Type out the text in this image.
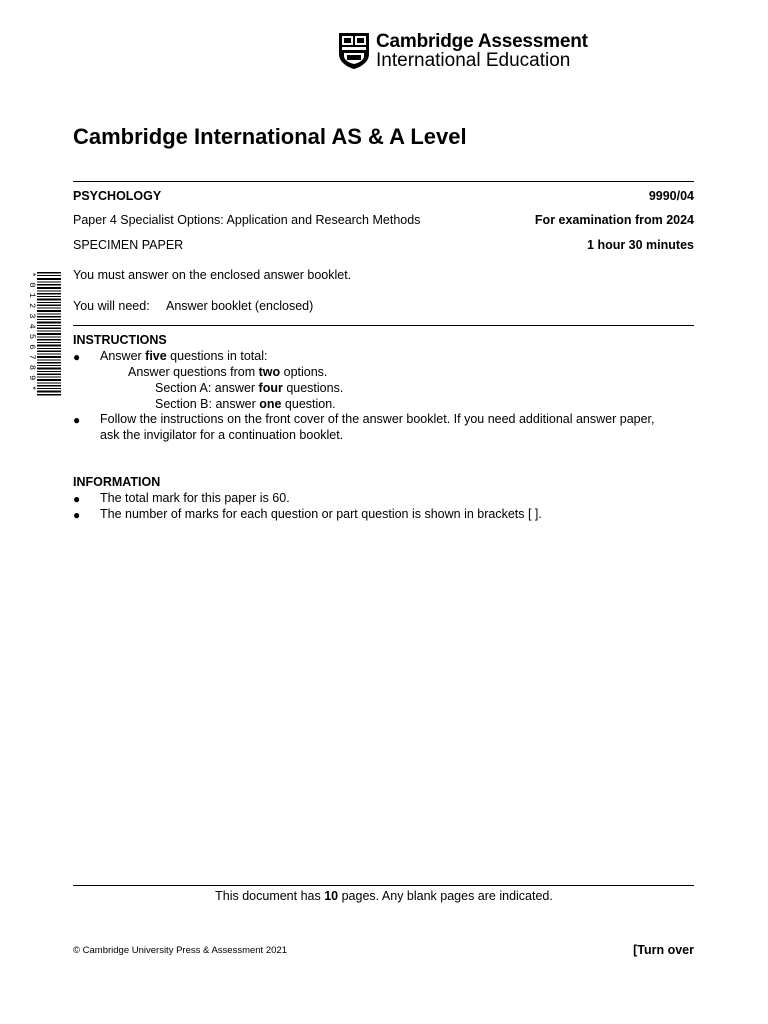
Cambridge Assessment
International Education
Cambridge International AS & A Level
PSYCHOLOGY	9990/04
Paper 4 Specialist Options: Application and Research Methods	For examination from 2024
SPECIMEN PAPER	1 hour 30 minutes
* 0 1 2 3 4 5 6 7 8 9 *	You must answer on the enclosed answer booklet.
You will need: Answer booklet (enclosed)
INSTRUCTIONS
● Answer five questions in total:
Answer questions from two options.
Section A: answer four questions.
Section B: answer one question.
● Follow the instructions on the front cover of the answer booklet. If you need additional answer paper,
ask the invigilator for a continuation booklet.
INFORMATION
● The total mark for this paper is 60.
● The number of marks for each question or part question is shown in brackets [ ].
This document has 10 pages. Any blank pages are indicated.
© Cambridge University Press & Assessment 2021	[Turn over
